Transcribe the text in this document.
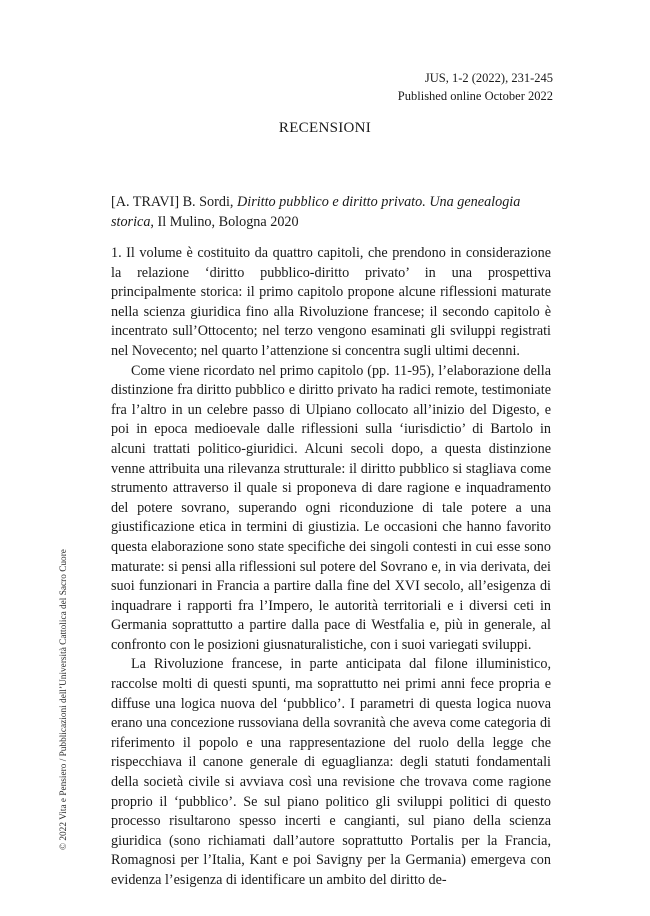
JUS, 1-2 (2022), 231-245
Published online October 2022
RECENSIONI
[A. TRAVI] B. Sordi, Diritto pubblico e diritto privato. Una genealogia storica, Il Mulino, Bologna 2020

1. Il volume è costituito da quattro capitoli, che prendono in considerazione la relazione ‘diritto pubblico-diritto privato’ in una prospettiva principalmente storica: il primo capitolo propone alcune riflessioni maturate nella scienza giuridica fino alla Rivoluzione francese; il secondo capitolo è incentrato sull’Ottocento; nel terzo vengono esaminati gli sviluppi registrati nel Novecento; nel quarto l’attenzione si concentra sugli ultimi decenni.

Come viene ricordato nel primo capitolo (pp. 11-95), l’elaborazione della distinzione fra diritto pubblico e diritto privato ha radici remote, testimoniate fra l’altro in un celebre passo di Ulpiano collocato all’inizio del Digesto, e poi in epoca medioevale dalle riflessioni sulla ‘iurisdictio’ di Bartolo in alcuni trattati politico-giuridici. Alcuni secoli dopo, a questa distinzione venne attribuita una rilevanza strutturale: il diritto pubblico si stagliava come strumento attraverso il quale si proponeva di dare ragione e inquadramento del potere sovrano, superando ogni riconduzione di tale potere a una giustificazione etica in termini di giustizia. Le occasioni che hanno favorito questa elaborazione sono state specifiche dei singoli contesti in cui esse sono maturate: si pensi alla riflessioni sul potere del Sovrano e, in via derivata, dei suoi funzionari in Francia a partire dalla fine del XVI secolo, all’esigenza di inquadrare i rapporti fra l’Impero, le autorità territoriali e i diversi ceti in Germania soprattutto a partire dalla pace di Westfalia e, più in generale, al confronto con le posizioni giusnaturalistiche, con i suoi variegati sviluppi.

La Rivoluzione francese, in parte anticipata dal filone illuministico, raccolse molti di questi spunti, ma soprattutto nei primi anni fece propria e diffuse una logica nuova del ‘pubblico’. I parametri di questa logica nuova erano una concezione russoviana della sovranità che aveva come categoria di riferimento il popolo e una rappresentazione del ruolo della legge che rispecchiava il canone generale di eguaglianza: degli statuti fondamentali della società civile si avviava così una revisione che trovava come ragione proprio il ‘pubblico’. Se sul piano politico gli sviluppi politici di questo processo risultarono spesso incerti e cangianti, sul piano della scienza giuridica (sono richiamati dall’autore soprattutto Portalis per la Francia, Romagnosi per l’Italia, Kant e poi Savigny per la Germania) emergeva con evidenza l’esigenza di identificare un ambito del diritto de-

© 2022 Vita e Pensiero / Pubblicazioni dell’Università Cattolica del Sacro Cuore
